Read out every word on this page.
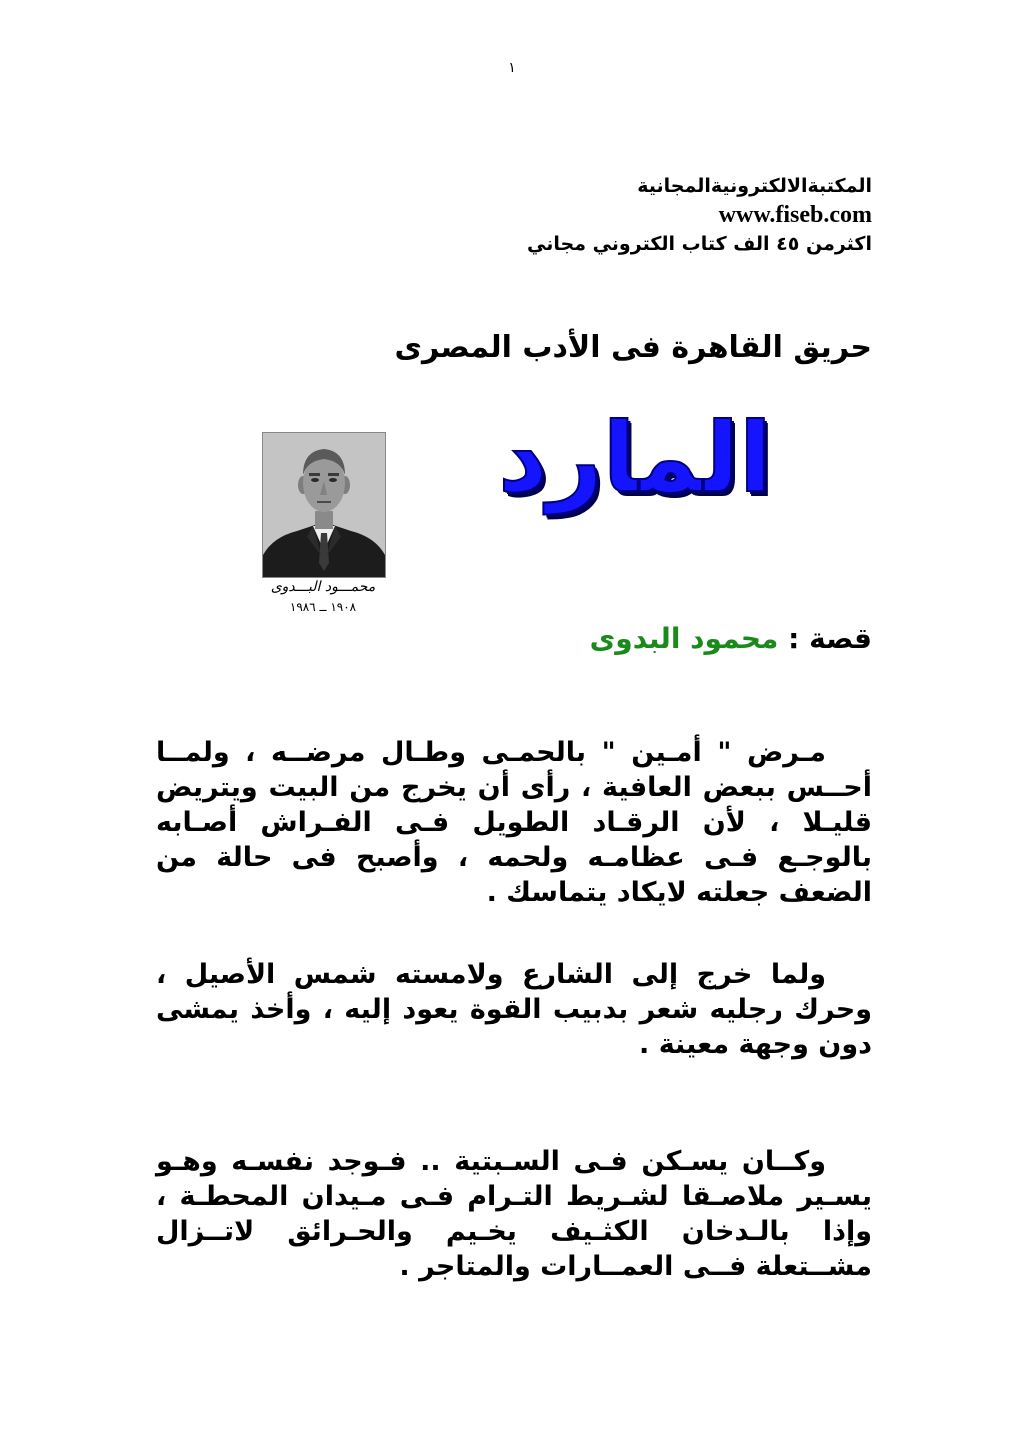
١
المكتبةالالكترونيةالمجانية
www.fiseb.com
اكثرمن ٤٥ الف كتاب الكتروني مجاني
حريق القاهرة فى الأدب المصرى
المارد
محمـــود البـــدوى
١٩٠٨ ــ ١٩٨٦
قصة : محمود البدوى

مـرض " أمـين " بالحمـى وطـال مرضــه ، ولمــا أحــس ببعض العافية ، رأى أن يخرج من البيت ويتريض قليـلا ، لأن الرقـاد الطويل فـى الفـراش أصـابه بالوجـع فـى عظامـه ولحمه ، وأصبح فى حالة من الضعف جعلته لايكاد يتماسك .

ولما خرج إلى الشارع ولامسته شمس الأصيل ، وحرك رجليه شعر بدبيب القوة يعود إليه ، وأخذ يمشى دون وجهة معينة .

وكــان يسـكن فـى السـبتية .. فـوجد نفسـه وهـو يسـير ملاصـقا لشـريط التـرام فـى مـيدان المحطـة ، وإذا بالـدخان الكثـيف يخـيم والحـرائق لاتــزال مشــتعلة فــى العمــارات والمتاجر .
